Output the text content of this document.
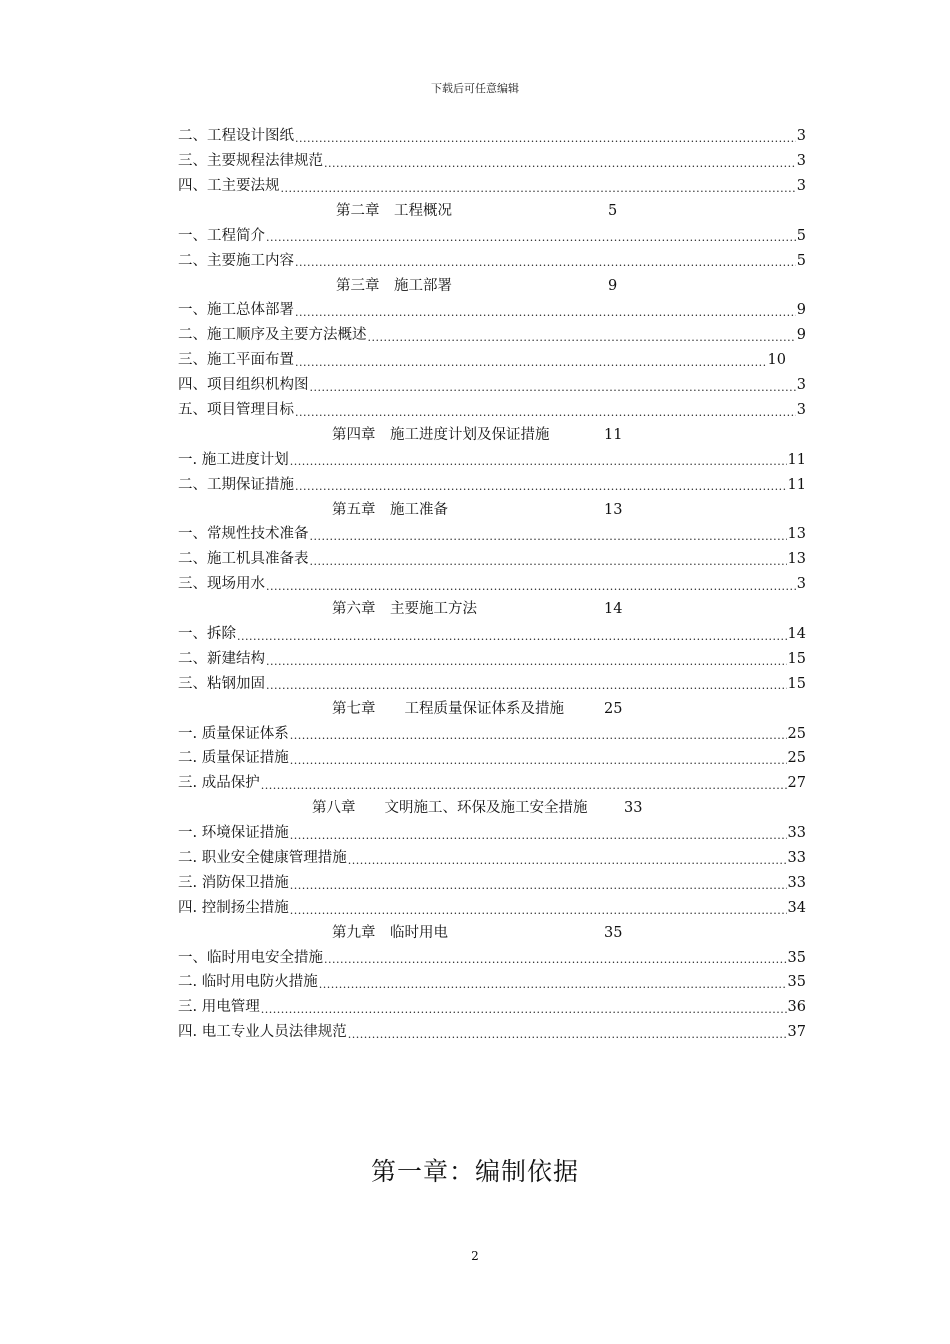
下载后可任意编辑
二、工程设计图纸 .....	3
三、主要规程法律规范 .....	3
四、工主要法规 .....	3
第二章　工程概况	5
一、工程简介 .....	5
二、主要施工内容 .....	5
第三章　施工部署	9
一、施工总体部署 .....	9
二、施工顺序及主要方法概述 .....	9
三、施工平面布置 .....	10
四、项目组织机构图 .....	3
五、项目管理目标 .....	3
第四章　施工进度计划及保证措施	11
一. 施工进度计划 .....	11
二、工期保证措施 .....	11
第五章　施工准备	13
一、常规性技术准备 .....	13
二、施工机具准备表 .....	13
三、现场用水 .....	3
第六章　主要施工方法	14
一、拆除 .....	14
二、新建结构 .....	15
三、粘钢加固 .....	15
第七章　　工程质量保证体系及措施	25
一. 质量保证体系 .....	25
二. 质量保证措施 .....	25
三. 成品保护 .....	27
第八章　　文明施工、环保及施工安全措施	33
一. 环境保证措施 .....	33
二. 职业安全健康管理措施 .....	33
三. 消防保卫措施 .....	33
四. 控制扬尘措施 .....	34
第九章　临时用电	35
一、临时用电安全措施 .....	35
二. 临时用电防火措施 .....	35
三. 用电管理 .....	36
四. 电工专业人员法律规范 .....	37
第一章：编制依据
2
